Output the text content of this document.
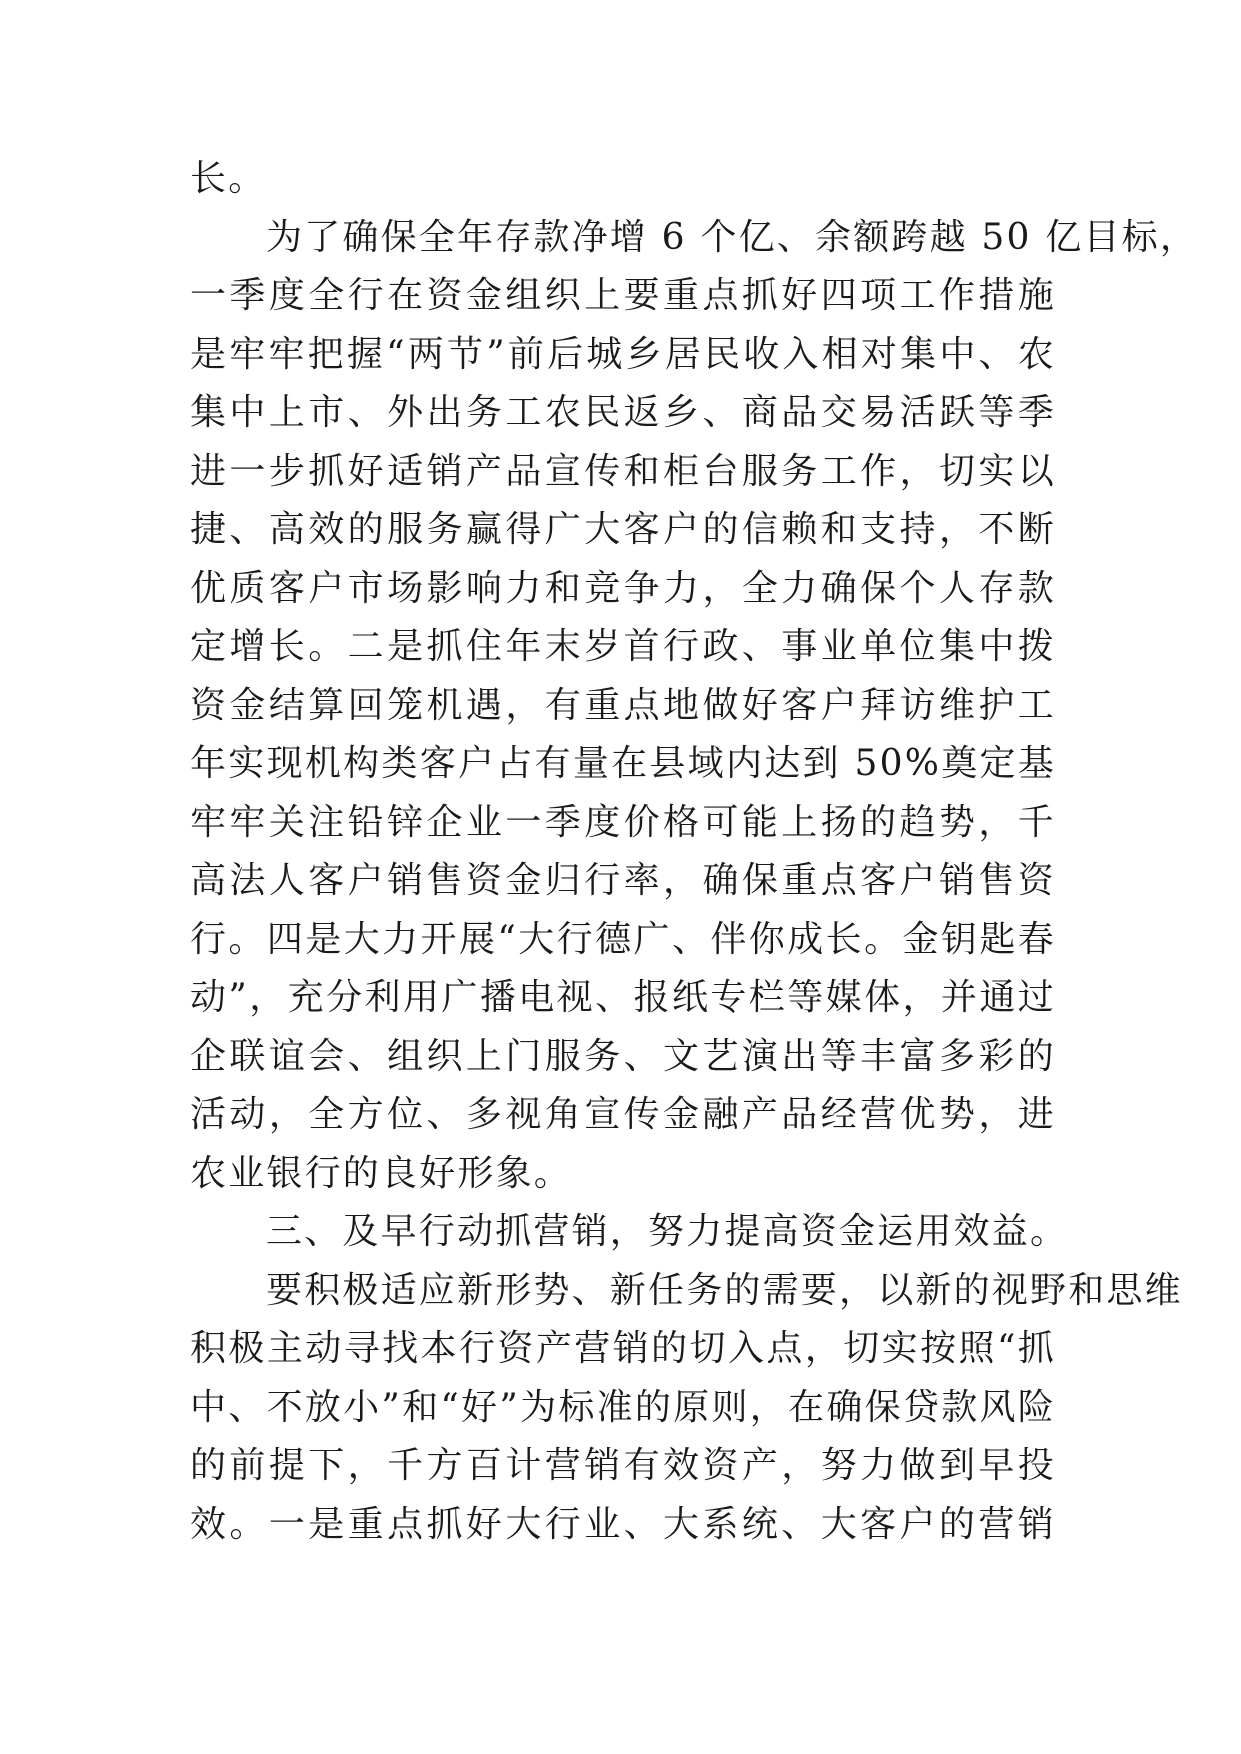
长。
为了确保全年存款净增 6 个亿、余额跨越 50 亿目标，
一季度全行在资金组织上要重点抓好四项工作措施
是牢牢把握“两节”前后城乡居民收入相对集中、农
集中上市、外出务工农民返乡、商品交易活跃等季
进一步抓好适销产品宣传和柜台服务工作，切实以
捷、高效的服务赢得广大客户的信赖和支持，不断
优质客户市场影响力和竞争力，全力确保个人存款
定增长。二是抓住年末岁首行政、事业单位集中拨
资金结算回笼机遇，有重点地做好客户拜访维护工
年实现机构类客户占有量在县域内达到 50%奠定基
牢牢关注铅锌企业一季度价格可能上扬的趋势，千
高法人客户销售资金归行率，确保重点客户销售资
行。四是大力开展“大行德广、伴你成长。金钥匙春
动”，充分利用广播电视、报纸专栏等媒体，并通过
企联谊会、组织上门服务、文艺演出等丰富多彩的
活动，全方位、多视角宣传金融产品经营优势，进
农业银行的良好形象。
三、及早行动抓营销，努力提高资金运用效益。
要积极适应新形势、新任务的需要，以新的视野和思维
积极主动寻找本行资产营销的切入点，切实按照“抓
中、不放小”和“好”为标准的原则，在确保贷款风险
的前提下，千方百计营销有效资产，努力做到早投
效。一是重点抓好大行业、大系统、大客户的营销
